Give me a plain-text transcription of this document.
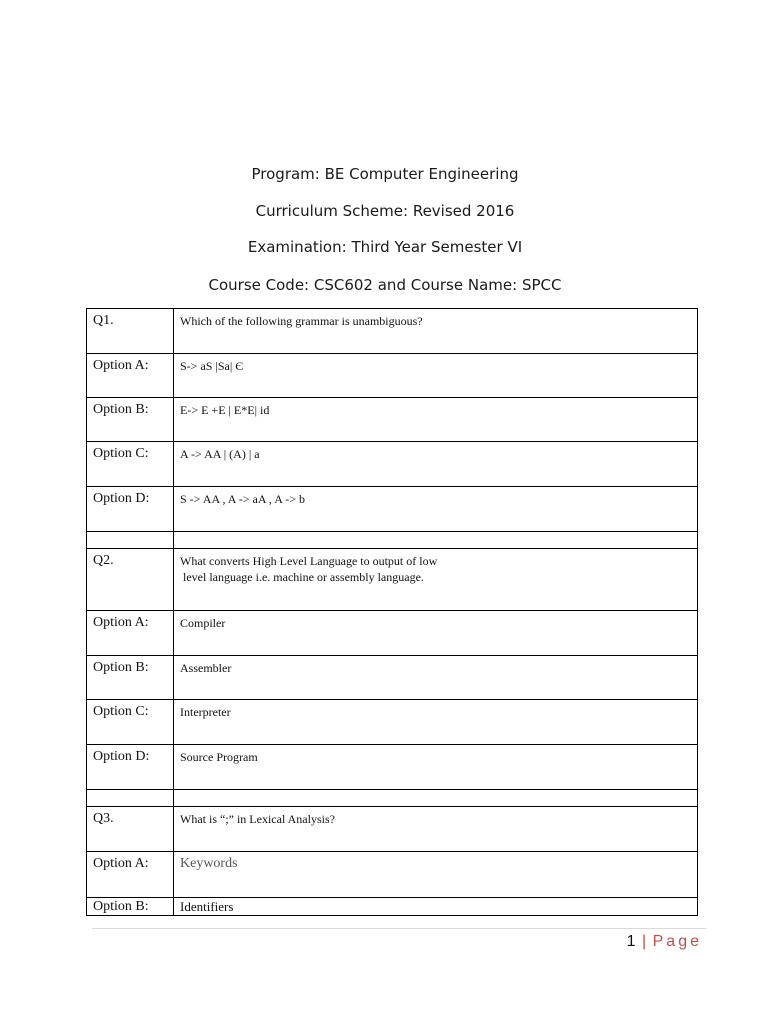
Program: BE Computer Engineering
Curriculum Scheme: Revised 2016
Examination: Third Year Semester VI
Course Code: CSC602 and Course Name: SPCC
Q1.	Which of the following grammar is unambiguous?
Option A:	S-> aS |Sa| Є
Option B:	E-> E +E | E*E| id
Option C:	A -> AA | (A) | a
Option D:	S -> AA , A -> aA , A -> b

Q2.	What converts High Level Language to output of low
level language i.e. machine or assembly language.

Option A:	Compiler
Option B:	Assembler
Option C:	Interpreter
Option D:	Source Program

Q3.	What is “;” in Lexical Analysis?
Option A:	Keywords
Option B:	Identifiers
1 | Page
